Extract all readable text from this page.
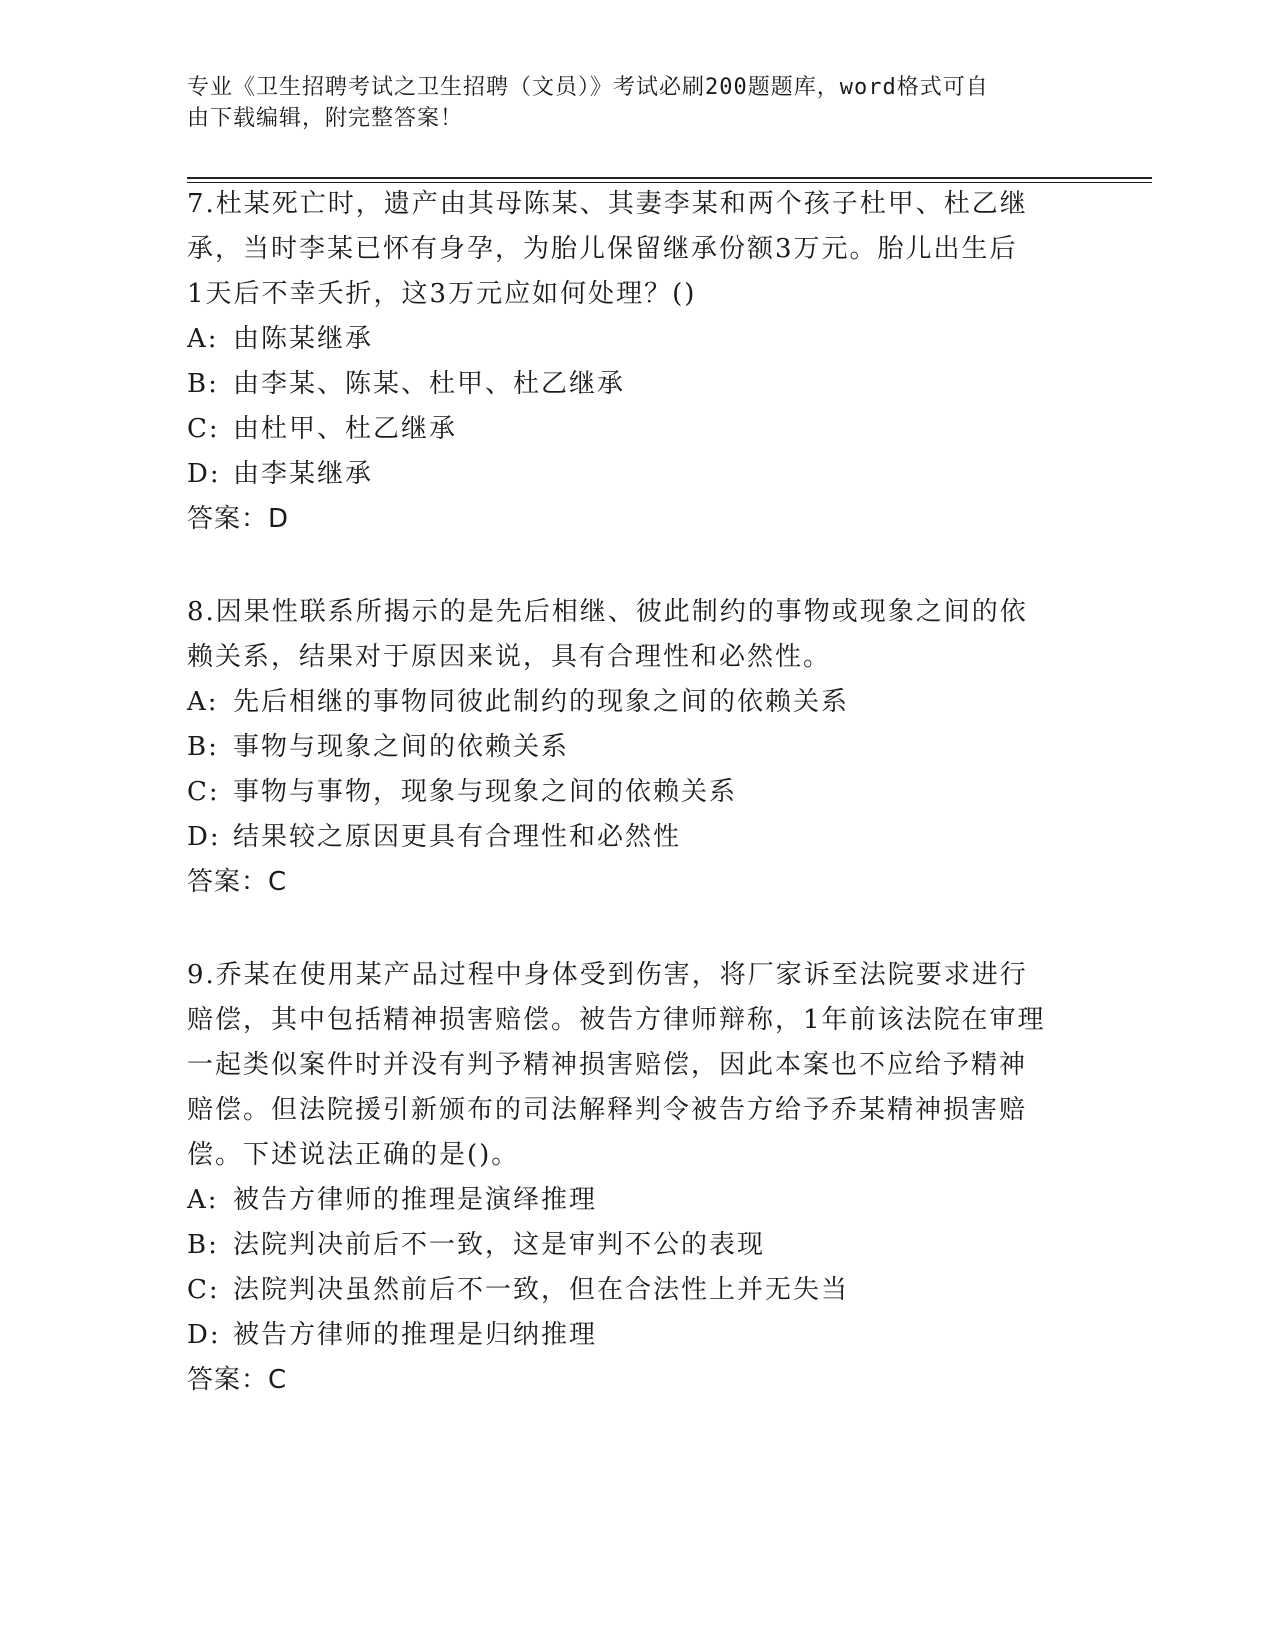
专业《卫生招聘考试之卫生招聘（文员）》考试必刷200题题库，word格式可自
由下载编辑，附完整答案！

7.杜某死亡时，遗产由其母陈某、其妻李某和两个孩子杜甲、杜乙继

承，当时李某已怀有身孕，为胎儿保留继承份额3万元。胎儿出生后

1天后不幸夭折，这3万元应如何处理？()

A: 由陈某继承

B: 由李某、陈某、杜甲、杜乙继承

C: 由杜甲、杜乙继承

D: 由李某继承

答案：D

8.因果性联系所揭示的是先后相继、彼此制约的事物或现象之间的依

赖关系，结果对于原因来说，具有合理性和必然性。

A: 先后相继的事物同彼此制约的现象之间的依赖关系

B: 事物与现象之间的依赖关系

C: 事物与事物，现象与现象之间的依赖关系

D: 结果较之原因更具有合理性和必然性

答案：C

9.乔某在使用某产品过程中身体受到伤害，将厂家诉至法院要求进行

赔偿，其中包括精神损害赔偿。被告方律师辩称，1年前该法院在审理

一起类似案件时并没有判予精神损害赔偿，因此本案也不应给予精神

赔偿。但法院援引新颁布的司法解释判令被告方给予乔某精神损害赔

偿。下述说法正确的是()。

A: 被告方律师的推理是演绎推理

B: 法院判决前后不一致，这是审判不公的表现

C: 法院判决虽然前后不一致，但在合法性上并无失当

D: 被告方律师的推理是归纳推理

答案：C
